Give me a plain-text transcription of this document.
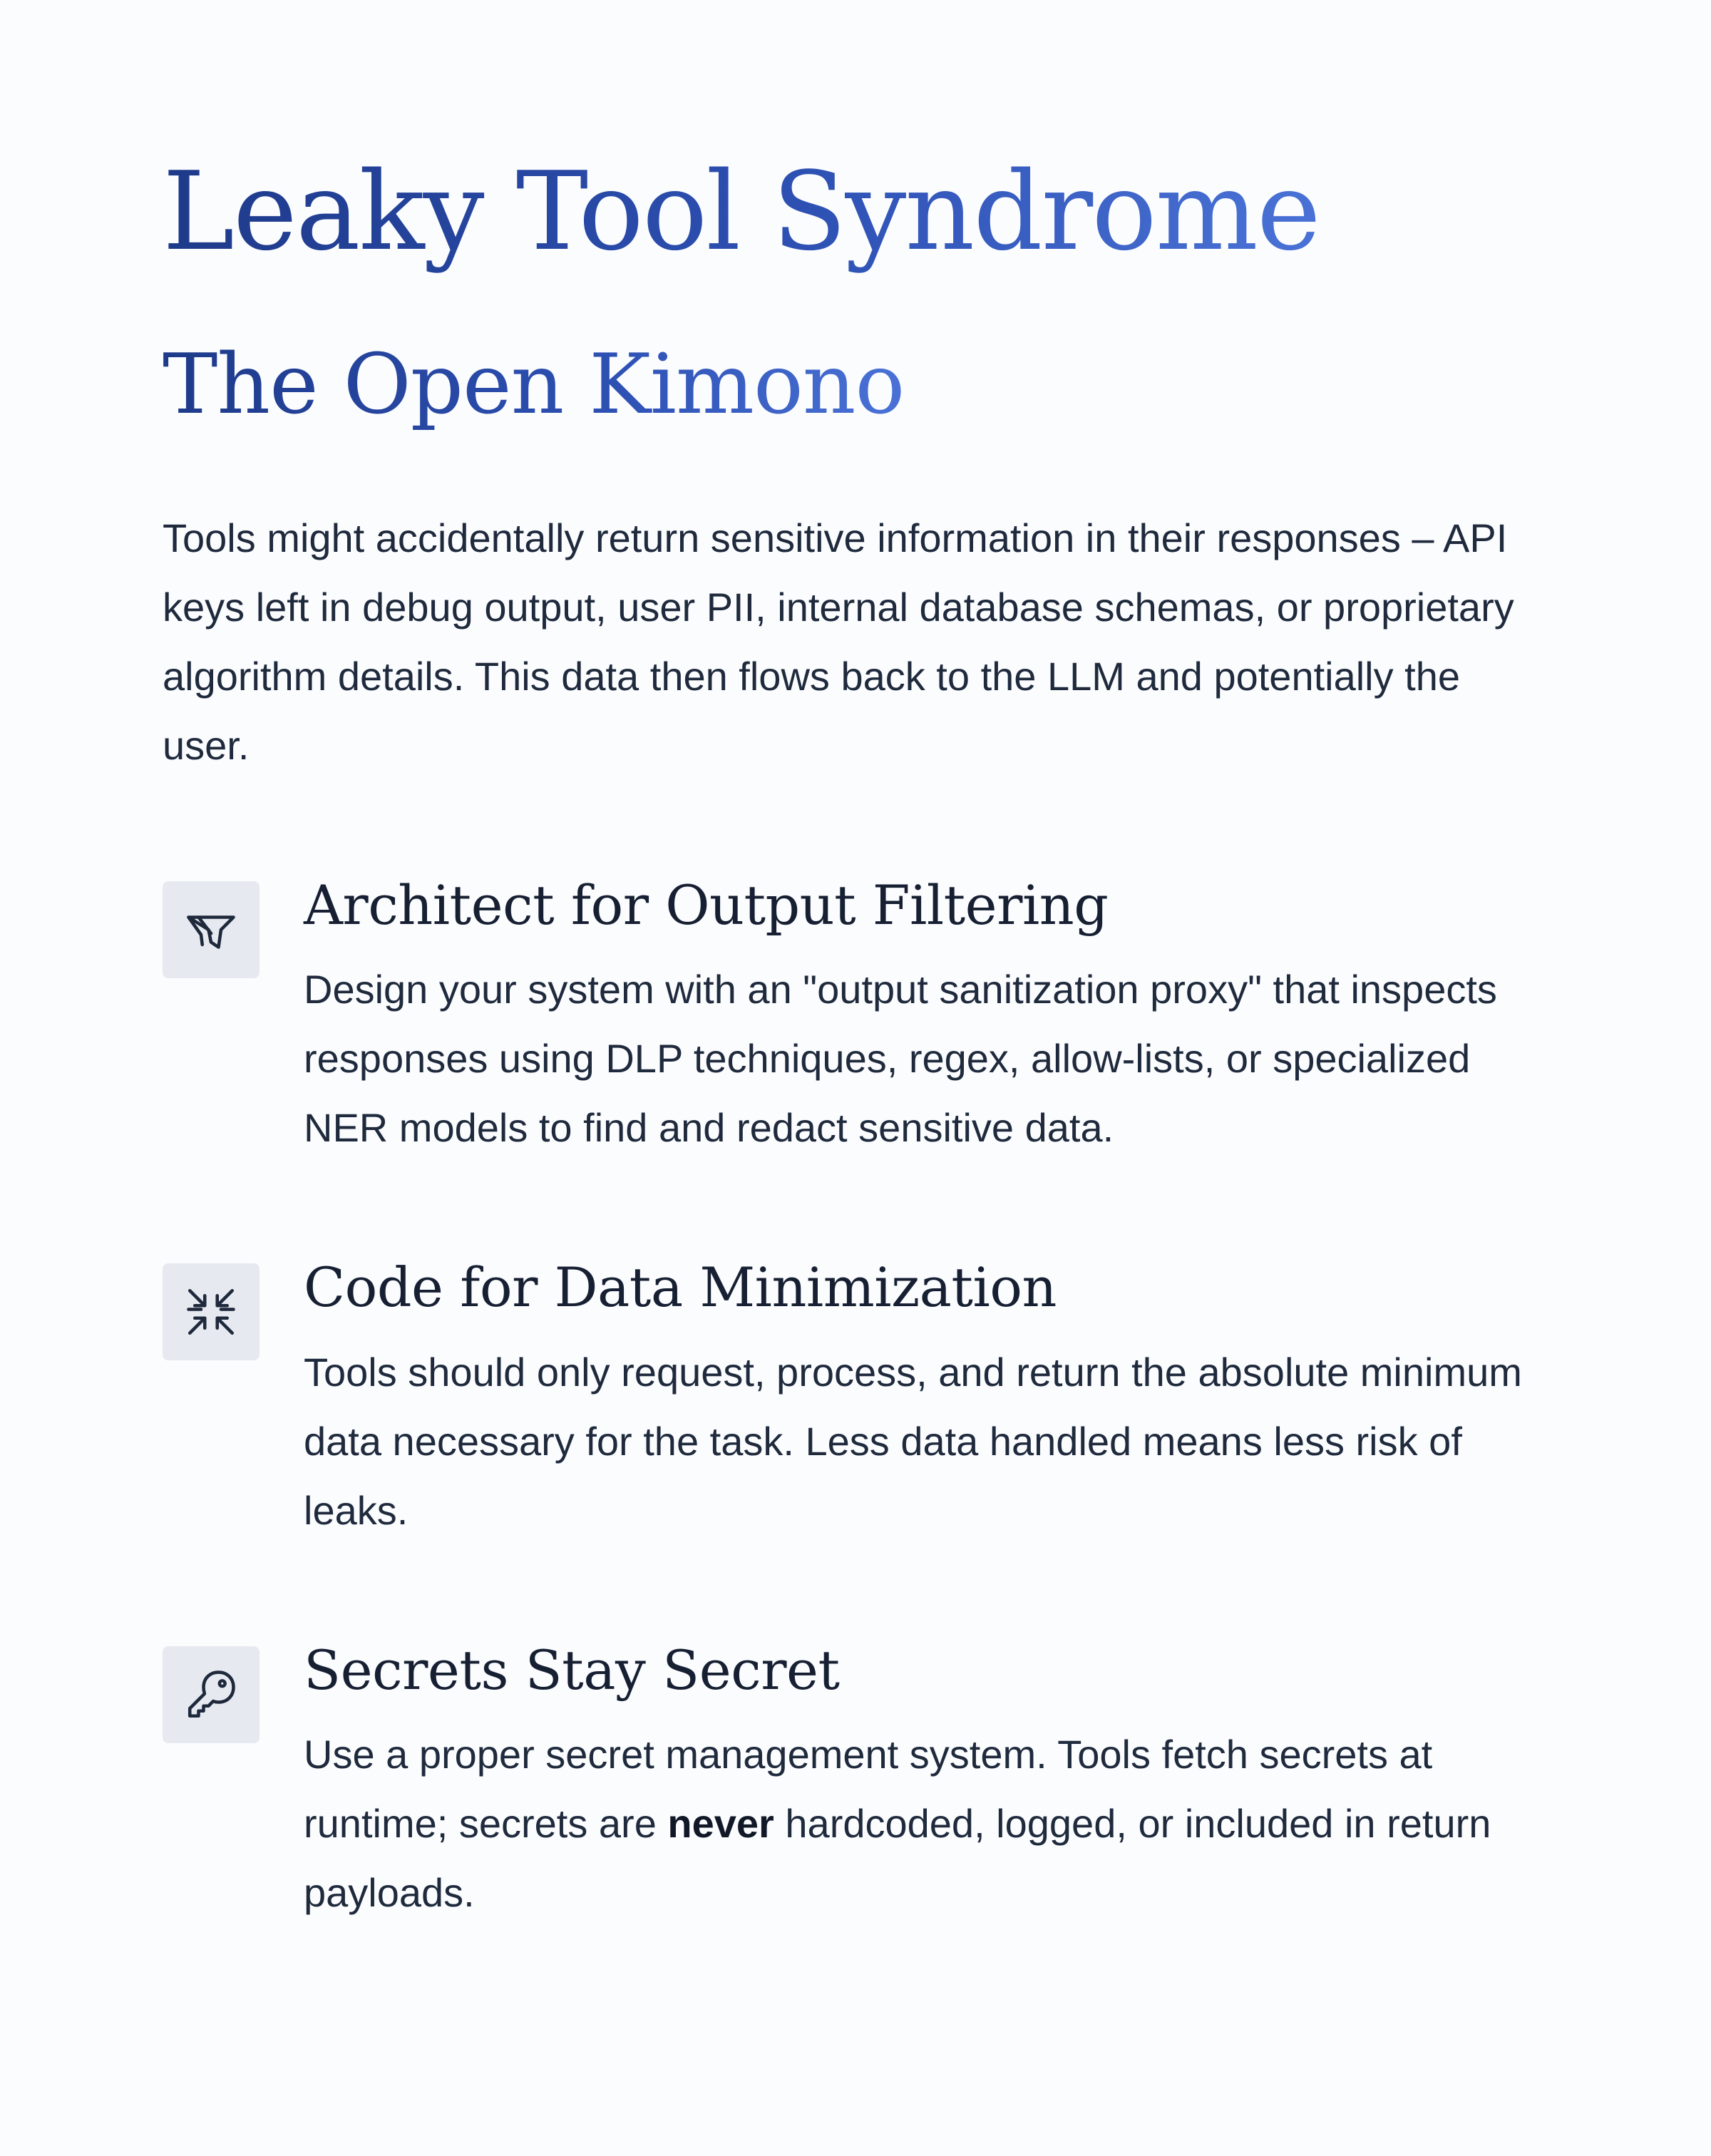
Leaky Tool Syndrome
The Open Kimono

Tools might accidentally return sensitive information in their responses – API keys left in debug output, user PII, internal database schemas, or proprietary algorithm details. This data then flows back to the LLM and potentially the user.

Architect for Output Filtering

Design your system with an "output sanitization proxy" that inspects responses using DLP techniques, regex, allow-lists, or specialized NER models to find and redact sensitive data.

Code for Data Minimization

Tools should only request, process, and return the absolute minimum data necessary for the task. Less data handled means less risk of leaks.

Secrets Stay Secret

Use a proper secret management system. Tools fetch secrets at runtime; secrets are never hardcoded, logged, or included in return payloads.
